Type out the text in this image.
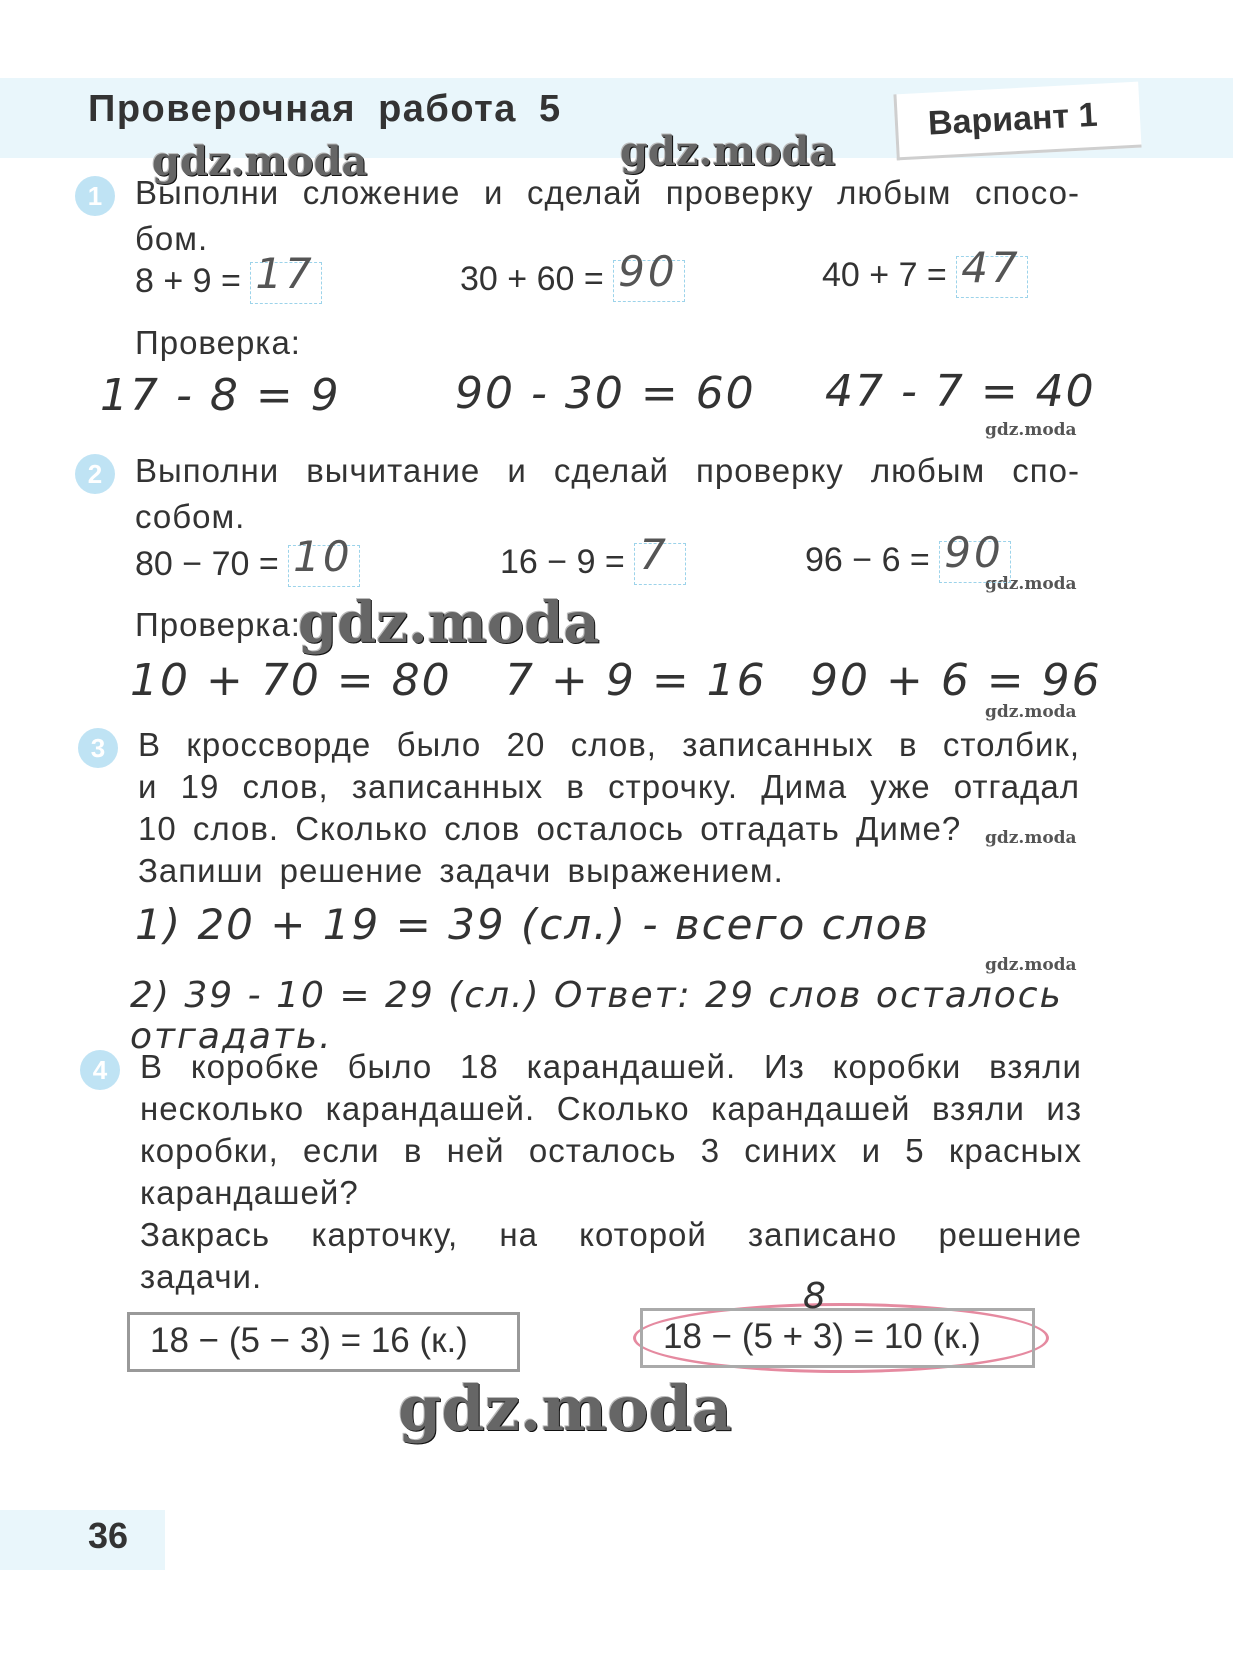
Проверочная работа 5	Вариант 1
gdz.moda	gdz.moda
gdz.moda
gdz.moda
gdz.moda
gdz.moda
gdz.moda
gdz.moda
gdz.moda
1 Выполни сложение и сделай проверку любым спосо-
бом.
8 + 9 = 17	30 + 60 = 90	40 + 7 = 47
Проверка:
17 - 8 = 9	90 - 30 = 60 47 - 7 = 40
2 Выполни вычитание и сделай проверку любым спо-
собом.
80 − 70 = 10	16 − 9 = 7	96 − 6 = 90
Проверка:
10 + 70 = 80 7 + 9 = 16 90 + 6 = 96
3 В кроссворде было 20 слов, записанных в столбик,
и 19 слов, записанных в строчку. Дима уже отгадал
10 слов. Сколько слов осталось отгадать Диме?
Запиши решение задачи выражением.
1) 20 + 19 = 39 (сл.) - всего слов
2) 39 - 10 = 29 (сл.) Ответ: 29 слов осталось отгадать.
4 В коробке было 18 карандашей. Из коробки взяли
несколько карандашей. Сколько карандашей взяли из
коробки, если в ней осталось 3 синих и 5 красных
карандашей?
Закрась карточку, на которой записано решение
задачи.
18 − (5 − 3) = 16 (к.)	18 − (5 + 3) = 10 (к.)
8
36
